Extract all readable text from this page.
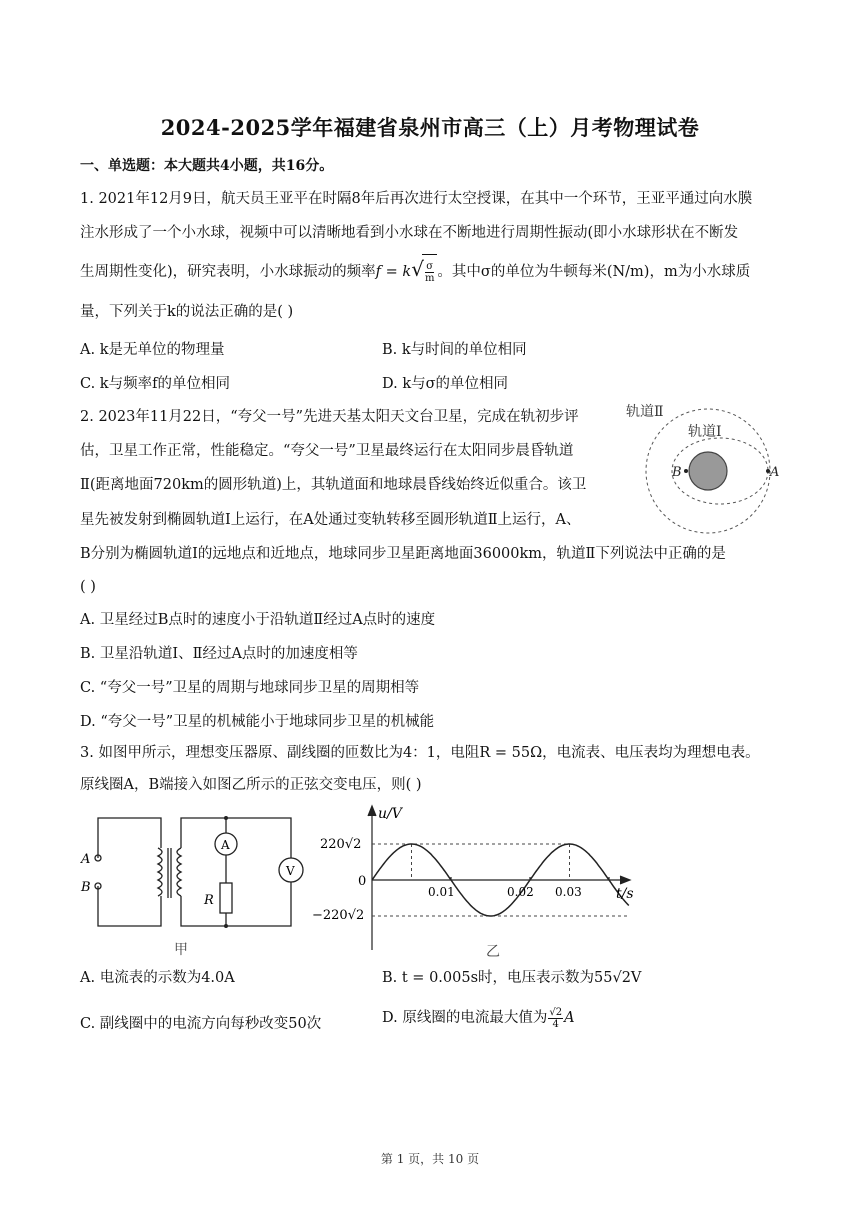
2024-2025学年福建省泉州市高三（上）月考物理试卷
一、单选题：本大题共4小题，共16分。
1. 2021年12月9日，航天员王亚平在时隔8年后再次进行太空授课，在其中一个环节，王亚平通过向水膜
注水形成了一个小水球，视频中可以清晰地看到小水球在不断地进行周期性振动(即小水球形状在不断发
生周期性变化)，研究表明，小水球振动的频率$f = k√ \frac{\sigma}{m}$ 。其中σ的单位为牛顿每米(N/m)，m为小水球质
量，下列关于k的说法正确的是( )
A. k是无单位的物理量	B. k与时间的单位相同
C. k与频率f的单位相同	D. k与σ的单位相同
2. 2023年11月22日，“夸父一号”先进天基太阳天文台卫星，完成在轨初步评
估，卫星工作正常，性能稳定。“夸父一号”卫星最终运行在太阳同步晨昏轨道
Ⅱ(距离地面720km的圆形轨道)上，其轨道面和地球晨昏线始终近似重合。该卫
星先被发射到椭圆轨道Ⅰ上运行，在A处通过变轨转移至圆形轨道Ⅱ上运行，A、
B分别为椭圆轨道Ⅰ的远地点和近地点，地球同步卫星距离地面36000km，轨道Ⅱ下列说法中正确的是
( )
A. 卫星经过B点时的速度小于沿轨道Ⅱ经过A点时的速度
B. 卫星沿轨道Ⅰ、Ⅱ经过A点时的加速度相等
C. “夸父一号”卫星的周期与地球同步卫星的周期相等
D. “夸父一号”卫星的机械能小于地球同步卫星的机械能
轨道Ⅱ
轨道Ⅰ
A
B
3. 如图甲所示，理想变压器原、副线圈的匝数比为4：1，电阻R = 55Ω，电流表、电压表均为理想电表。
原线圈A，B端接入如图乙所示的正弦交变电压，则( )
A
V
R
A
B
甲
u/V
t/s
220√2
−220√2
0
0.01	0.02 0.03
乙
A. 电流表的示数为4.0A	B. t = 0.005s时，电压表示数为55√2V
C. 副线圈中的电流方向每秒改变50次	D. 原线圈的电流最大值为 $\frac{√2}{4}$ A
第 1 页，共 10 页
